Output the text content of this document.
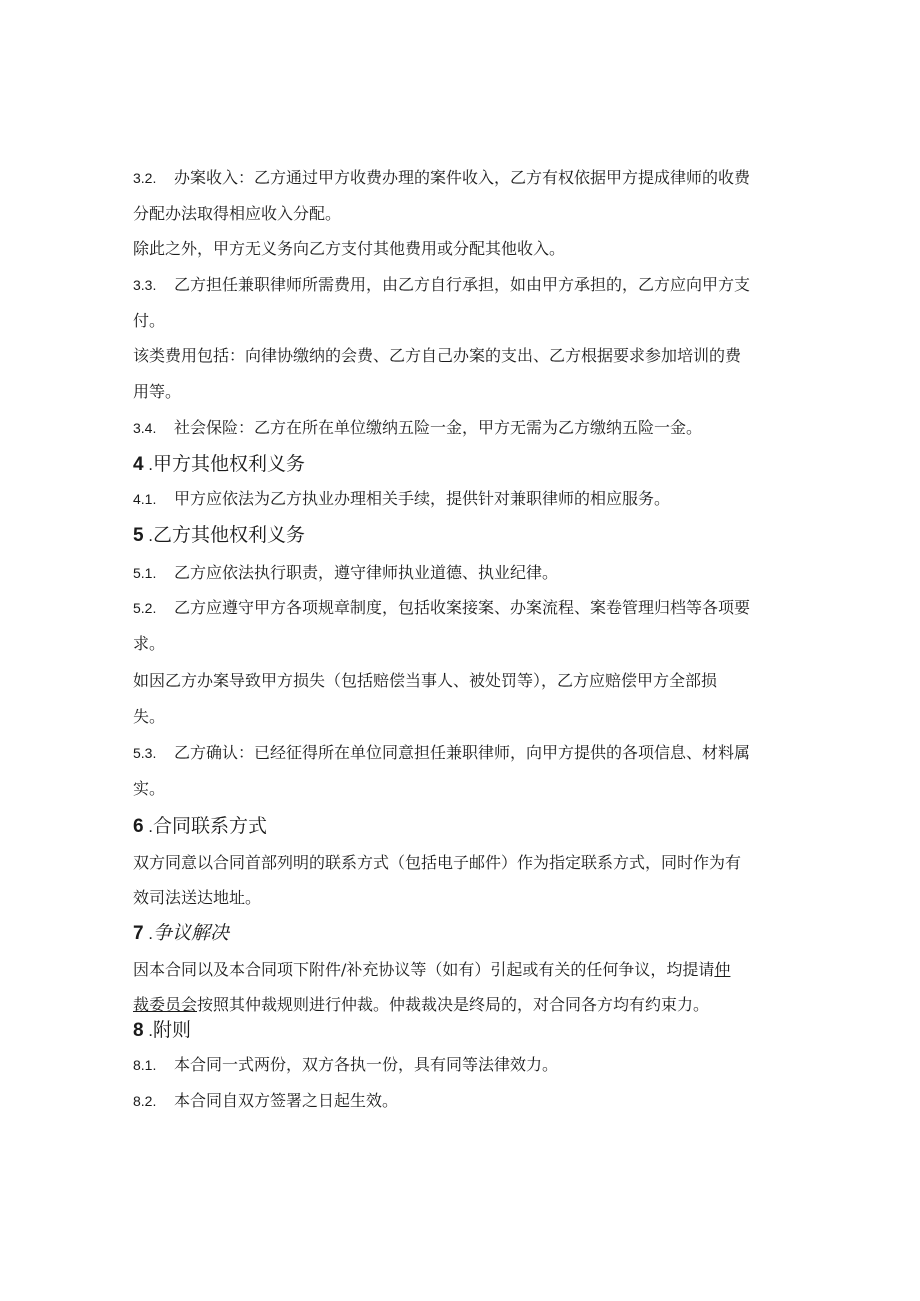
3.2. 办案收入：乙方通过甲方收费办理的案件收入，乙方有权依据甲方提成律师的收费
分配办法取得相应收入分配。
除此之外，甲方无义务向乙方支付其他费用或分配其他收入。
3.3. 乙方担任兼职律师所需费用，由乙方自行承担，如由甲方承担的，乙方应向甲方支
付。
该类费用包括：向律协缴纳的会费、乙方自己办案的支出、乙方根据要求参加培训的费
用等。
3.4. 社会保险：乙方在所在单位缴纳五险一金，甲方无需为乙方缴纳五险一金。
4 .甲方其他权利义务
4.1. 甲方应依法为乙方执业办理相关手续，提供针对兼职律师的相应服务。
5 .乙方其他权利义务
5.1. 乙方应依法执行职责，遵守律师执业道德、执业纪律。
5.2. 乙方应遵守甲方各项规章制度，包括收案接案、办案流程、案卷管理归档等各项要
求。
如因乙方办案导致甲方损失（包括赔偿当事人、被处罚等），乙方应赔偿甲方全部损
失。
5.3. 乙方确认：已经征得所在单位同意担任兼职律师，向甲方提供的各项信息、材料属
实。
6 .合同联系方式
双方同意以合同首部列明的联系方式（包括电子邮件）作为指定联系方式，同时作为有
效司法送达地址。
7 .争议解决
因本合同以及本合同项下附件/补充协议等（如有）引起或有关的任何争议，均提请仲
裁委员会按照其仲裁规则进行仲裁。仲裁裁决是终局的，对合同各方均有约束力。
8 .附则
8.1. 本合同一式两份，双方各执一份，具有同等法律效力。
8.2. 本合同自双方签署之日起生效。
